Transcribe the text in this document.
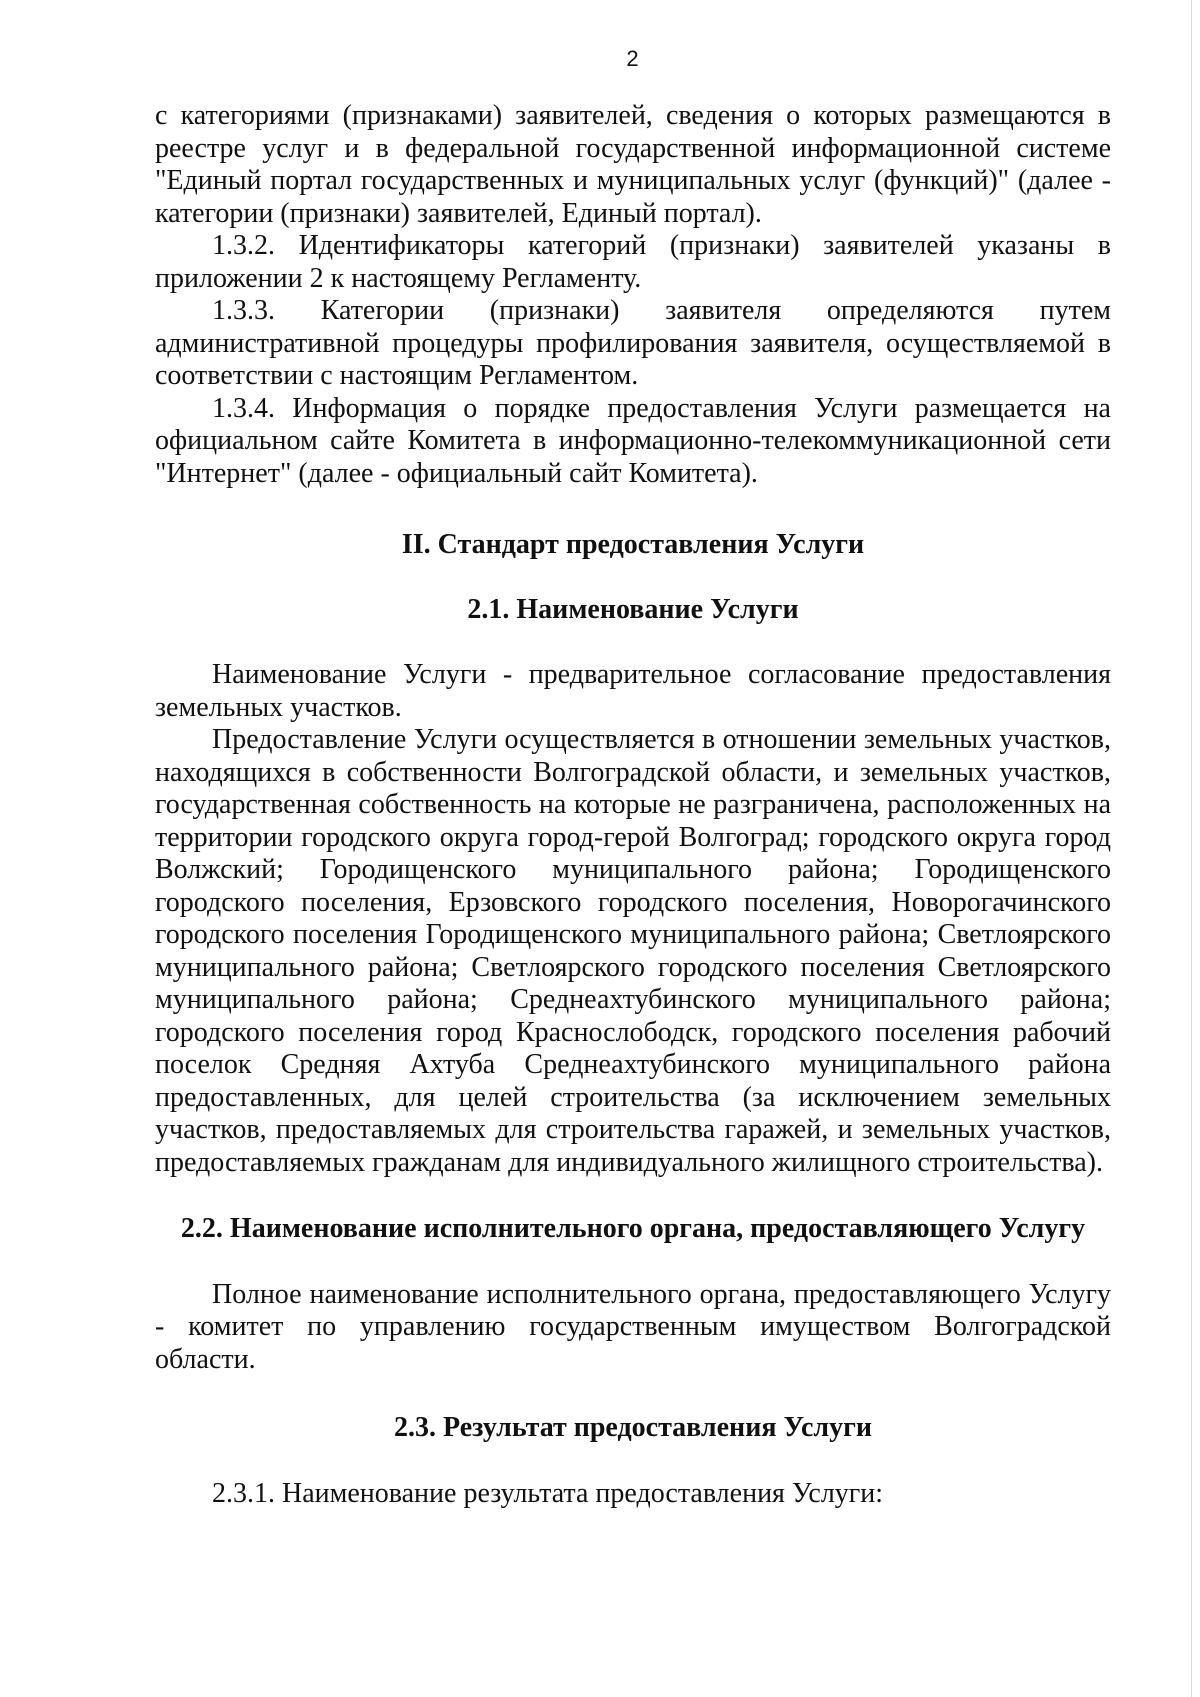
2

с категориями (признаками) заявителей, сведения о которых размещаются в реестре услуг и в федеральной государственной информационной системе "Единый портал государственных и муниципальных услуг (функций)" (далее - категории (признаки) заявителей, Единый портал).

1.3.2. Идентификаторы категорий (признаки) заявителей указаны в приложении 2 к настоящему Регламенту.

1.3.3. Категории (признаки) заявителя определяются путем административной процедуры профилирования заявителя, осуществляемой в соответствии с настоящим Регламентом.

1.3.4. Информация о порядке предоставления Услуги размещается на официальном сайте Комитета в информационно-телекоммуникационной сети "Интернет" (далее - официальный сайт Комитета).

II. Стандарт предоставления Услуги
2.1. Наименование Услуги

Наименование Услуги - предварительное согласование предоставления земельных участков.

Предоставление Услуги осуществляется в отношении земельных участков, находящихся в собственности Волгоградской области, и земельных участков, государственная собственность на которые не разграничена, расположенных на территории городского округа город-герой Волгоград; городского округа город Волжский; Городищенского муниципального района; Городищенского городского поселения, Ерзовского городского поселения, Новорогачинского городского поселения Городищенского муниципального района; Светлоярского муниципального района; Светлоярского городского поселения Светлоярского муниципального района; Среднеахтубинского муниципального района; городского поселения город Краснослободск, городского поселения рабочий поселок Средняя Ахтуба Среднеахтубинского муниципального района предоставленных, для целей строительства (за исключением земельных участков, предоставляемых для строительства гаражей, и земельных участков, предоставляемых гражданам для индивидуального жилищного строительства).

2.2. Наименование исполнительного органа, предоставляющего Услугу

Полное наименование исполнительного органа, предоставляющего Услугу - комитет по управлению государственным имуществом Волгоградской области.

2.3. Результат предоставления Услуги

2.3.1. Наименование результата предоставления Услуги:
